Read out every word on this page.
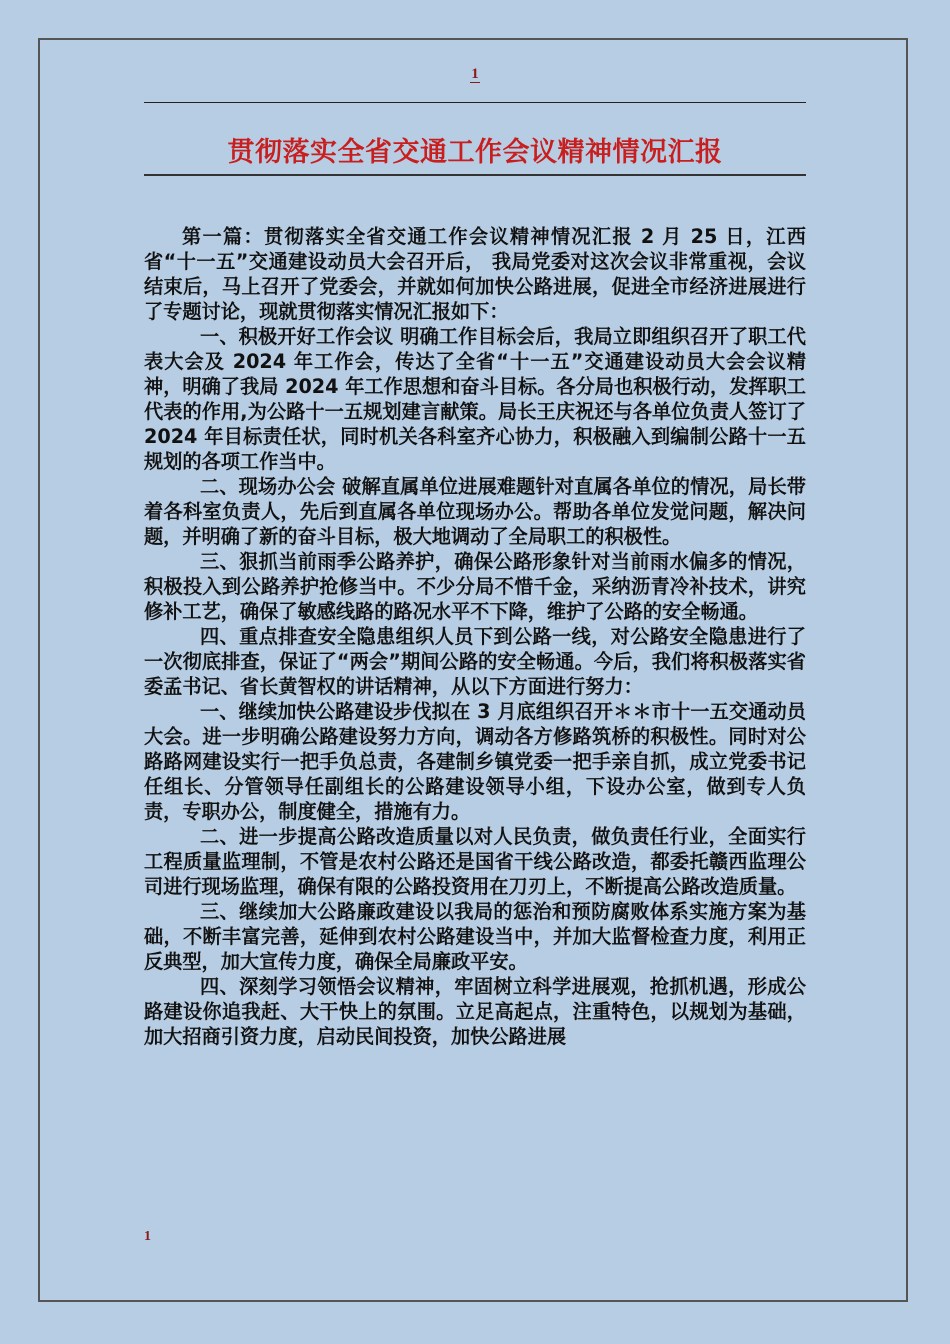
1
贯彻落实全省交通工作会议精神情况汇报

第一篇：贯彻落实全省交通工作会议精神情况汇报 2 月 25 日，江西省“十一五”交通建设动员大会召开后， 我局党委对这次会议非常重视，会议结束后，马上召开了党委会，并就如何加快公路进展，促进全市经济进展进行了专题讨论，现就贯彻落实情况汇报如下：

一、积极开好工作会议 明确工作目标会后，我局立即组织召开了职工代表大会及 2024 年工作会，传达了全省“十一五”交通建设动员大会会议精神，明确了我局 2024 年工作思想和奋斗目标。各分局也积极行动，发挥职工代表的作用,为公路十一五规划建言献策。局长王庆祝还与各单位负责人签订了 2024 年目标责任状，同时机关各科室齐心协力，积极融入到编制公路十一五规划的各项工作当中。

二、现场办公会 破解直属单位进展难题针对直属各单位的情况，局长带着各科室负责人，先后到直属各单位现场办公。帮助各单位发觉问题，解决问题，并明确了新的奋斗目标，极大地调动了全局职工的积极性。

三、狠抓当前雨季公路养护，确保公路形象针对当前雨水偏多的情况，积极投入到公路养护抢修当中。不少分局不惜千金，采纳沥青冷补技术，讲究修补工艺，确保了敏感线路的路况水平不下降，维护了公路的安全畅通。

四、重点排查安全隐患组织人员下到公路一线，对公路安全隐患进行了一次彻底排查，保证了“两会”期间公路的安全畅通。今后，我们将积极落实省委孟书记、省长黄智权的讲话精神，从以下方面进行努力：

一、继续加快公路建设步伐拟在 3 月底组织召开＊＊市十一五交通动员大会。进一步明确公路建设努力方向，调动各方修路筑桥的积极性。同时对公路路网建设实行一把手负总责，各建制乡镇党委一把手亲自抓，成立党委书记任组长、分管领导任副组长的公路建设领导小组，下设办公室，做到专人负责，专职办公，制度健全，措施有力。

二、进一步提高公路改造质量以对人民负责，做负责任行业，全面实行工程质量监理制，不管是农村公路还是国省干线公路改造，都委托赣西监理公司进行现场监理，确保有限的公路投资用在刀刃上，不断提高公路改造质量。

三、继续加大公路廉政建设以我局的惩治和预防腐败体系实施方案为基础，不断丰富完善，延伸到农村公路建设当中，并加大监督检查力度，利用正反典型，加大宣传力度，确保全局廉政平安。

四、深刻学习领悟会议精神，牢固树立科学进展观，抢抓机遇，形成公路建设你追我赶、大干快上的氛围。立足高起点，注重特色，以规划为基础，加大招商引资力度，启动民间投资，加快公路进展

1
